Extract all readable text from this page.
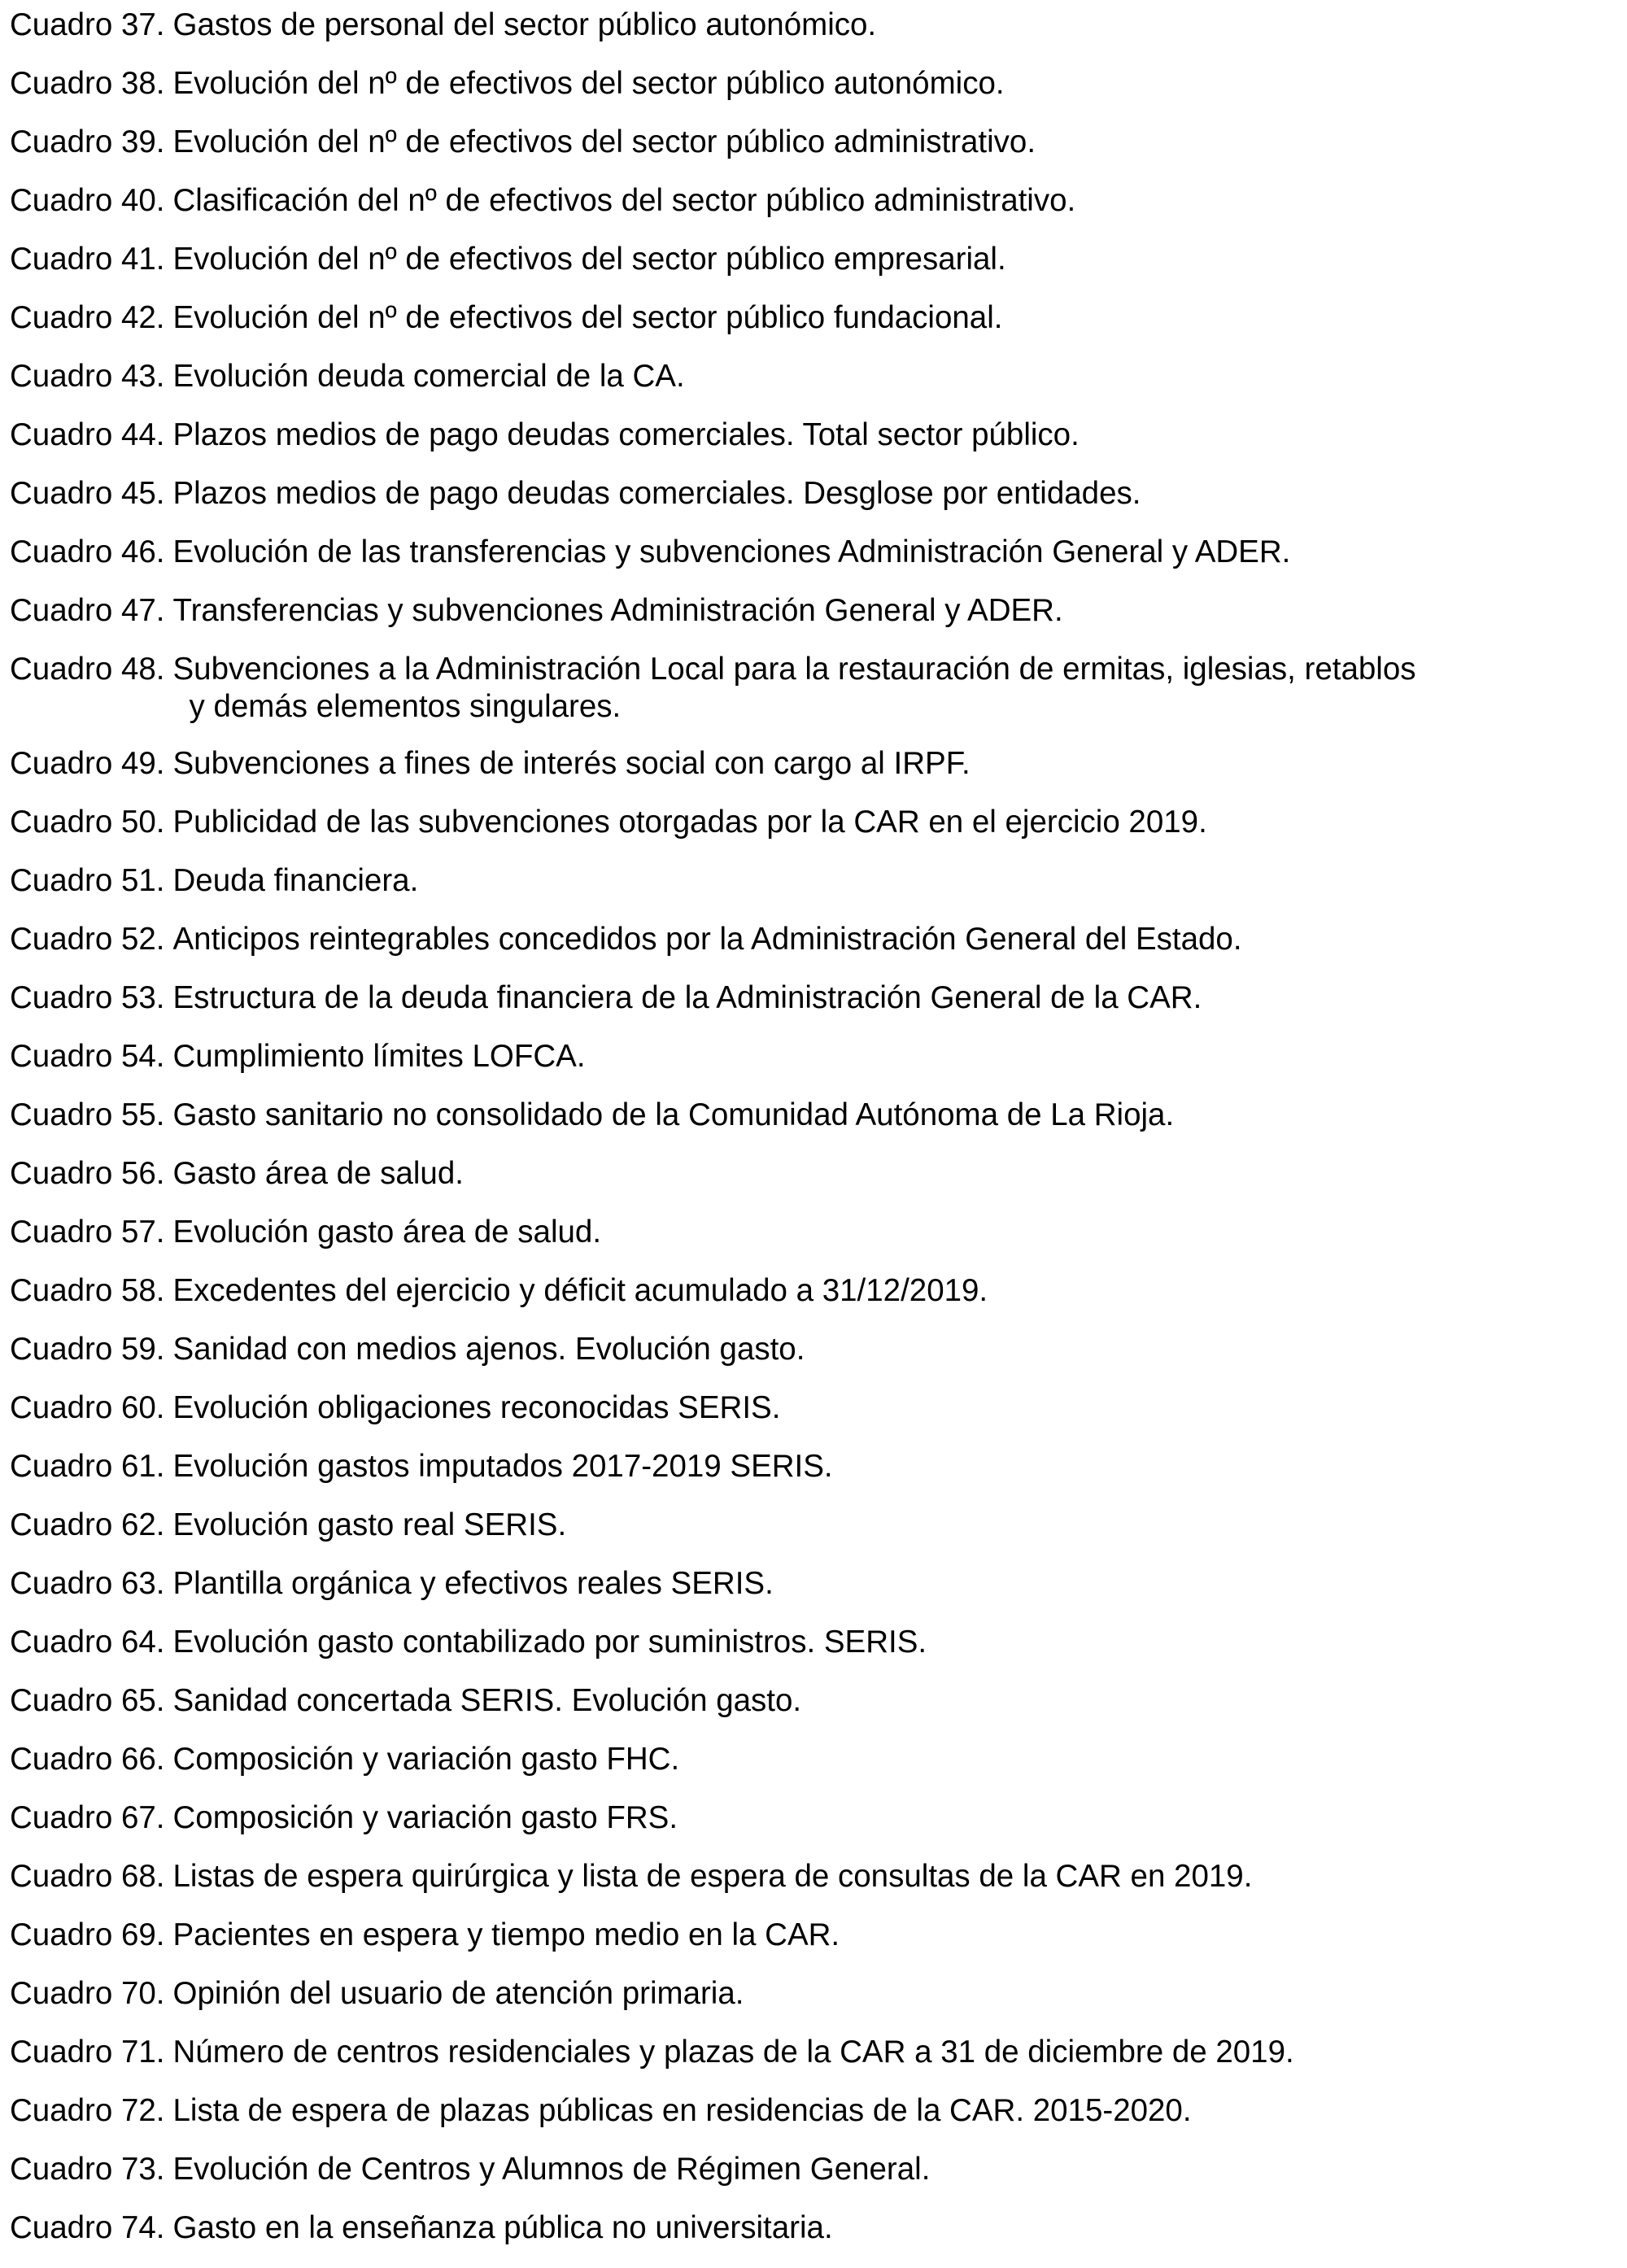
Cuadro 37. Gastos de personal del sector público autonómico.
Cuadro 38. Evolución del nº de efectivos del sector público autonómico.
Cuadro 39. Evolución del nº de efectivos del sector público administrativo.
Cuadro 40. Clasificación del nº de efectivos del sector público administrativo.
Cuadro 41. Evolución del nº de efectivos del sector público empresarial.
Cuadro 42. Evolución del nº de efectivos del sector público fundacional.
Cuadro 43. Evolución deuda comercial de la CA.
Cuadro 44. Plazos medios de pago deudas comerciales. Total sector público.
Cuadro 45. Plazos medios de pago deudas comerciales. Desglose por entidades.
Cuadro 46. Evolución de las transferencias y subvenciones Administración General y ADER.
Cuadro 47. Transferencias y subvenciones Administración General y ADER.
Cuadro 48. Subvenciones a la Administración Local para la restauración de ermitas, iglesias, retablos
y demás elementos singulares.
Cuadro 49. Subvenciones a fines de interés social con cargo al IRPF.
Cuadro 50. Publicidad de las subvenciones otorgadas por la CAR en el ejercicio 2019.
Cuadro 51. Deuda financiera.
Cuadro 52. Anticipos reintegrables concedidos por la Administración General del Estado.
Cuadro 53. Estructura de la deuda financiera de la Administración General de la CAR.
Cuadro 54. Cumplimiento límites LOFCA.
Cuadro 55. Gasto sanitario no consolidado de la Comunidad Autónoma de La Rioja.
Cuadro 56. Gasto área de salud.
Cuadro 57. Evolución gasto área de salud.
Cuadro 58. Excedentes del ejercicio y déficit acumulado a 31/12/2019.
Cuadro 59. Sanidad con medios ajenos. Evolución gasto.
Cuadro 60. Evolución obligaciones reconocidas SERIS.
Cuadro 61. Evolución gastos imputados 2017-2019 SERIS.
Cuadro 62. Evolución gasto real SERIS.
Cuadro 63. Plantilla orgánica y efectivos reales SERIS.
Cuadro 64. Evolución gasto contabilizado por suministros. SERIS.
Cuadro 65. Sanidad concertada SERIS. Evolución gasto.
Cuadro 66. Composición y variación gasto FHC.
Cuadro 67. Composición y variación gasto FRS.
Cuadro 68. Listas de espera quirúrgica y lista de espera de consultas de la CAR en 2019.
Cuadro 69. Pacientes en espera y tiempo medio en la CAR.
Cuadro 70. Opinión del usuario de atención primaria.
Cuadro 71. Número de centros residenciales y plazas de la CAR a 31 de diciembre de 2019.
Cuadro 72. Lista de espera de plazas públicas en residencias de la CAR. 2015-2020.
Cuadro 73. Evolución de Centros y Alumnos de Régimen General.
Cuadro 74. Gasto en la enseñanza pública no universitaria.
